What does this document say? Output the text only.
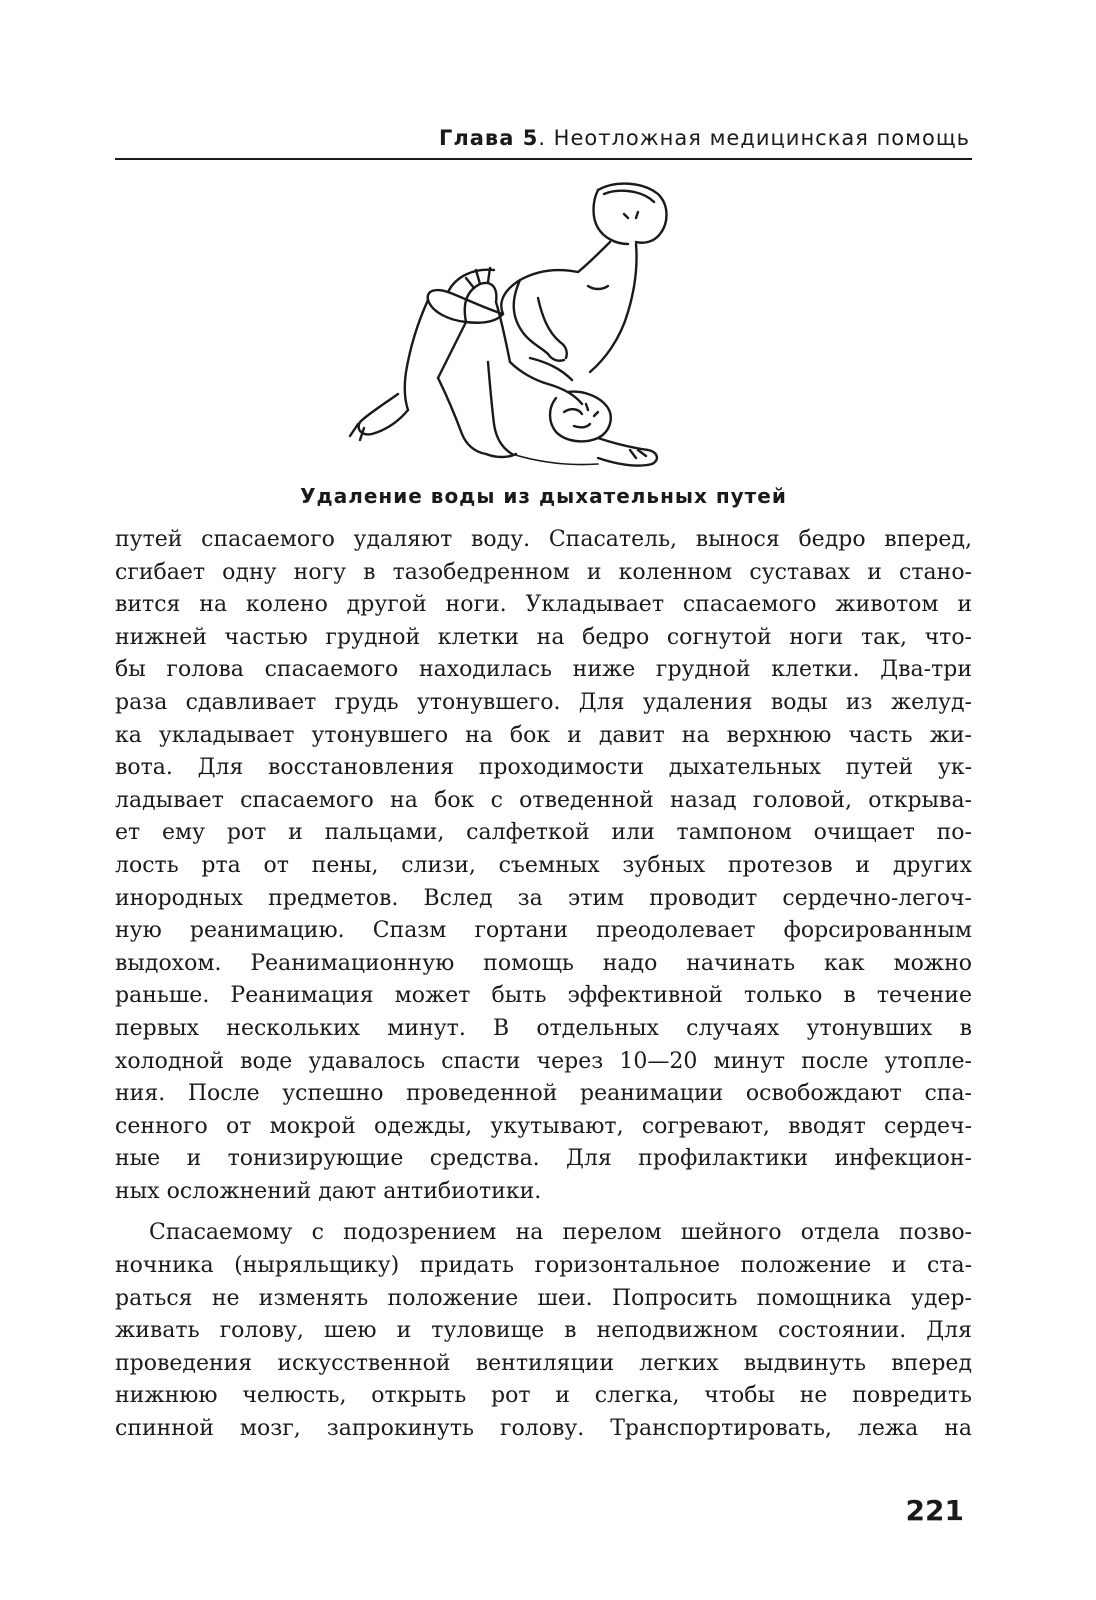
Глава 5. Неотложная медицинская помощь
Удаление воды из дыхательных путей
путей спасаемого удаляют воду. Спасатель, вынося бедро вперед,
сгибает одну ногу в тазобедренном и коленном суставах и стано-
вится на колено другой ноги. Укладывает спасаемого животом и
нижней частью грудной клетки на бедро согнутой ноги так, что-
бы голова спасаемого находилась ниже грудной клетки. Два-три
раза сдавливает грудь утонувшего. Для удаления воды из желуд-
ка укладывает утонувшего на бок и давит на верхнюю часть жи-
вота. Для восстановления проходимости дыхательных путей ук-
ладывает спасаемого на бок с отведенной назад головой, открыва-
ет ему рот и пальцами, салфеткой или тампоном очищает по-
лость рта от пены, слизи, съемных зубных протезов и других
инородных предметов. Вслед за этим проводит сердечно-легоч-
ную реанимацию. Спазм гортани преодолевает форсированным
выдохом. Реанимационную помощь надо начинать как можно
раньше. Реанимация может быть эффективной только в течение
первых нескольких минут. В отдельных случаях утонувших в
холодной воде удавалось спасти через 10—20 минут после утопле-
ния. После успешно проведенной реанимации освобождают спа-
сенного от мокрой одежды, укутывают, согревают, вводят сердеч-
ные и тонизирующие средства. Для профилактики инфекцион-
ных осложнений дают антибиотики.
Спасаемому с подозрением на перелом шейного отдела позво-
ночника (ныряльщику) придать горизонтальное положение и ста-
раться не изменять положение шеи. Попросить помощника удер-
живать голову, шею и туловище в неподвижном состоянии. Для
проведения искусственной вентиляции легких выдвинуть вперед
нижнюю челюсть, открыть рот и слегка, чтобы не повредить
спинной мозг, запрокинуть голову. Транспортировать, лежа на
221
